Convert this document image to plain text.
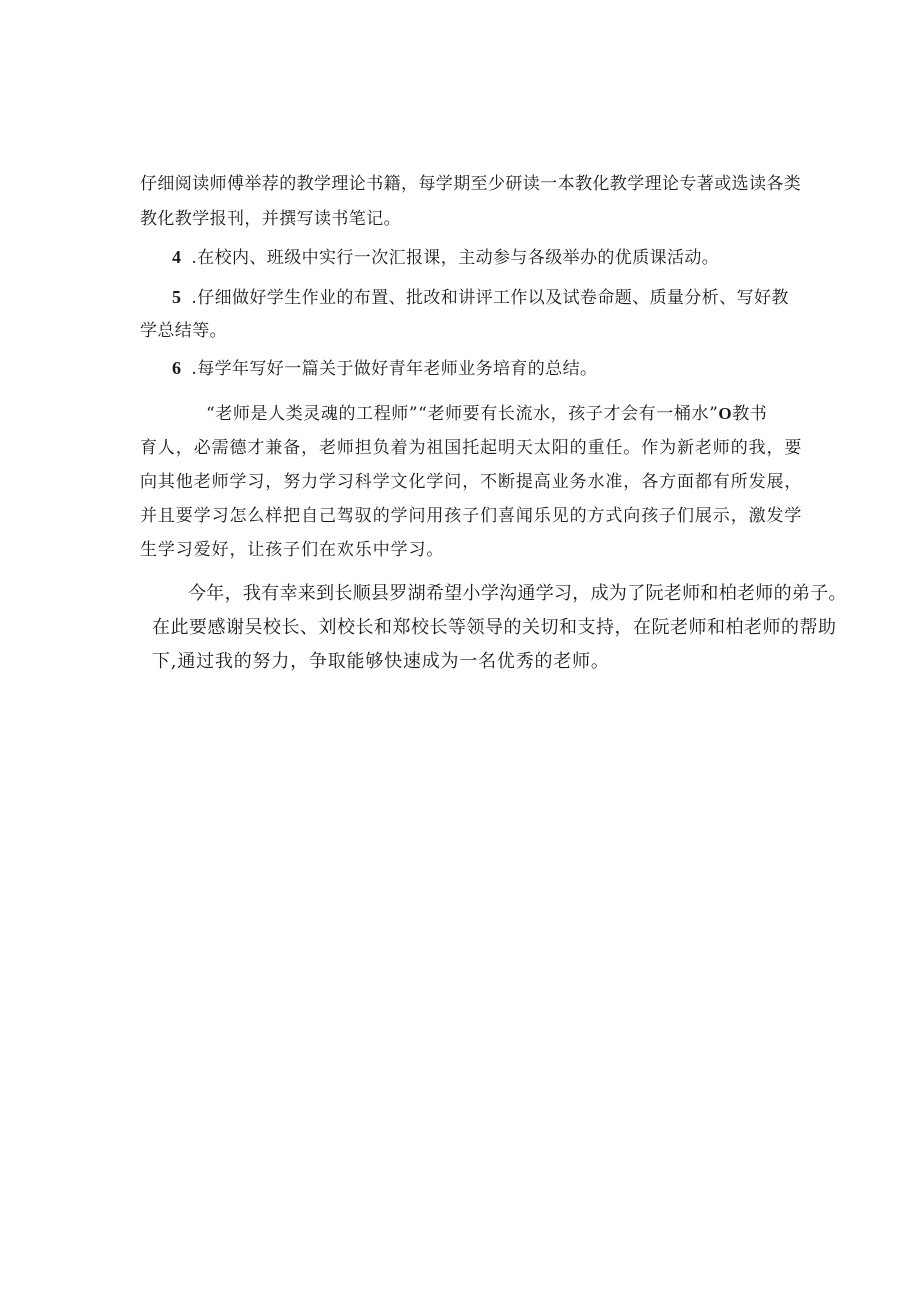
仔细阅读师傅举荐的教学理论书籍，每学期至少研读一本教化教学理论专著或选读各类

教化教学报刊，并撰写读书笔记。

4 .在校内、班级中实行一次汇报课，主动参与各级举办的优质课活动。

5 .仔细做好学生作业的布置、批改和讲评工作以及试卷命题、质量分析、写好教

学总结等。

6 .每学年写好一篇关于做好青年老师业务培育的总结。

“老师是人类灵魂的工程师”“老师要有长流水，孩子才会有一桶水”O教书

育人，必需德才兼备，老师担负着为祖国托起明天太阳的重任。作为新老师的我，要

向其他老师学习，努力学习科学文化学问，不断提高业务水准，各方面都有所发展，

并且要学习怎么样把自己驾驭的学问用孩子们喜闻乐见的方式向孩子们展示，激发学

生学习爱好，让孩子们在欢乐中学习。

今年，我有幸来到长顺县罗湖希望小学沟通学习，成为了阮老师和柏老师的弟子。

在此要感谢吴校长、刘校长和郑校长等领导的关切和支持，在阮老师和柏老师的帮助

下,通过我的努力，争取能够快速成为一名优秀的老师。
